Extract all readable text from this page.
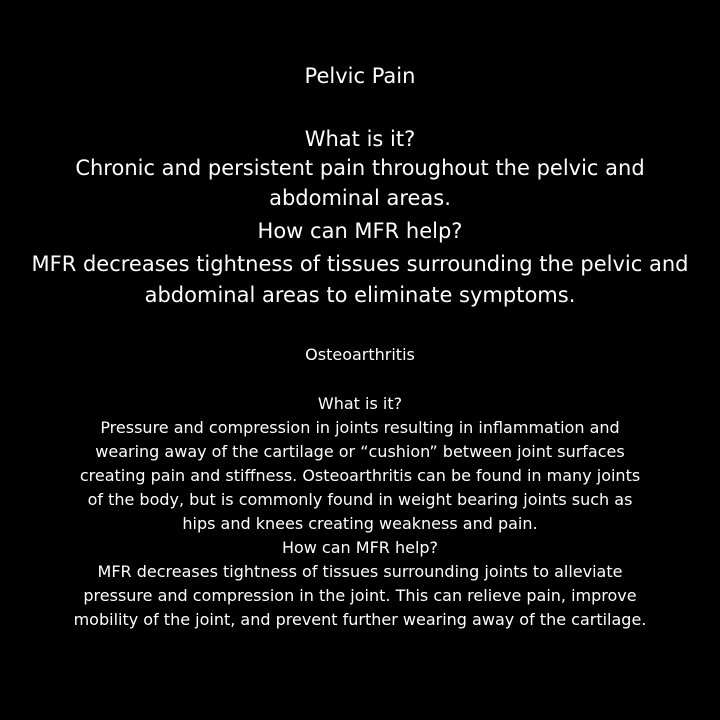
Pelvic Pain
What is it?
Chronic and persistent pain throughout the pelvic and
abdominal areas.
How can MFR help?
MFR decreases tightness of tissues surrounding the pelvic and
abdominal areas to eliminate symptoms.
Osteoarthritis
What is it?
Pressure and compression in joints resulting in inflammation and
wearing away of the cartilage or “cushion” between joint surfaces
creating pain and stiffness. Osteoarthritis can be found in many joints
of the body, but is commonly found in weight bearing joints such as
hips and knees creating weakness and pain.
How can MFR help?
MFR decreases tightness of tissues surrounding joints to alleviate
pressure and compression in the joint. This can relieve pain, improve
mobility of the joint, and prevent further wearing away of the cartilage.
